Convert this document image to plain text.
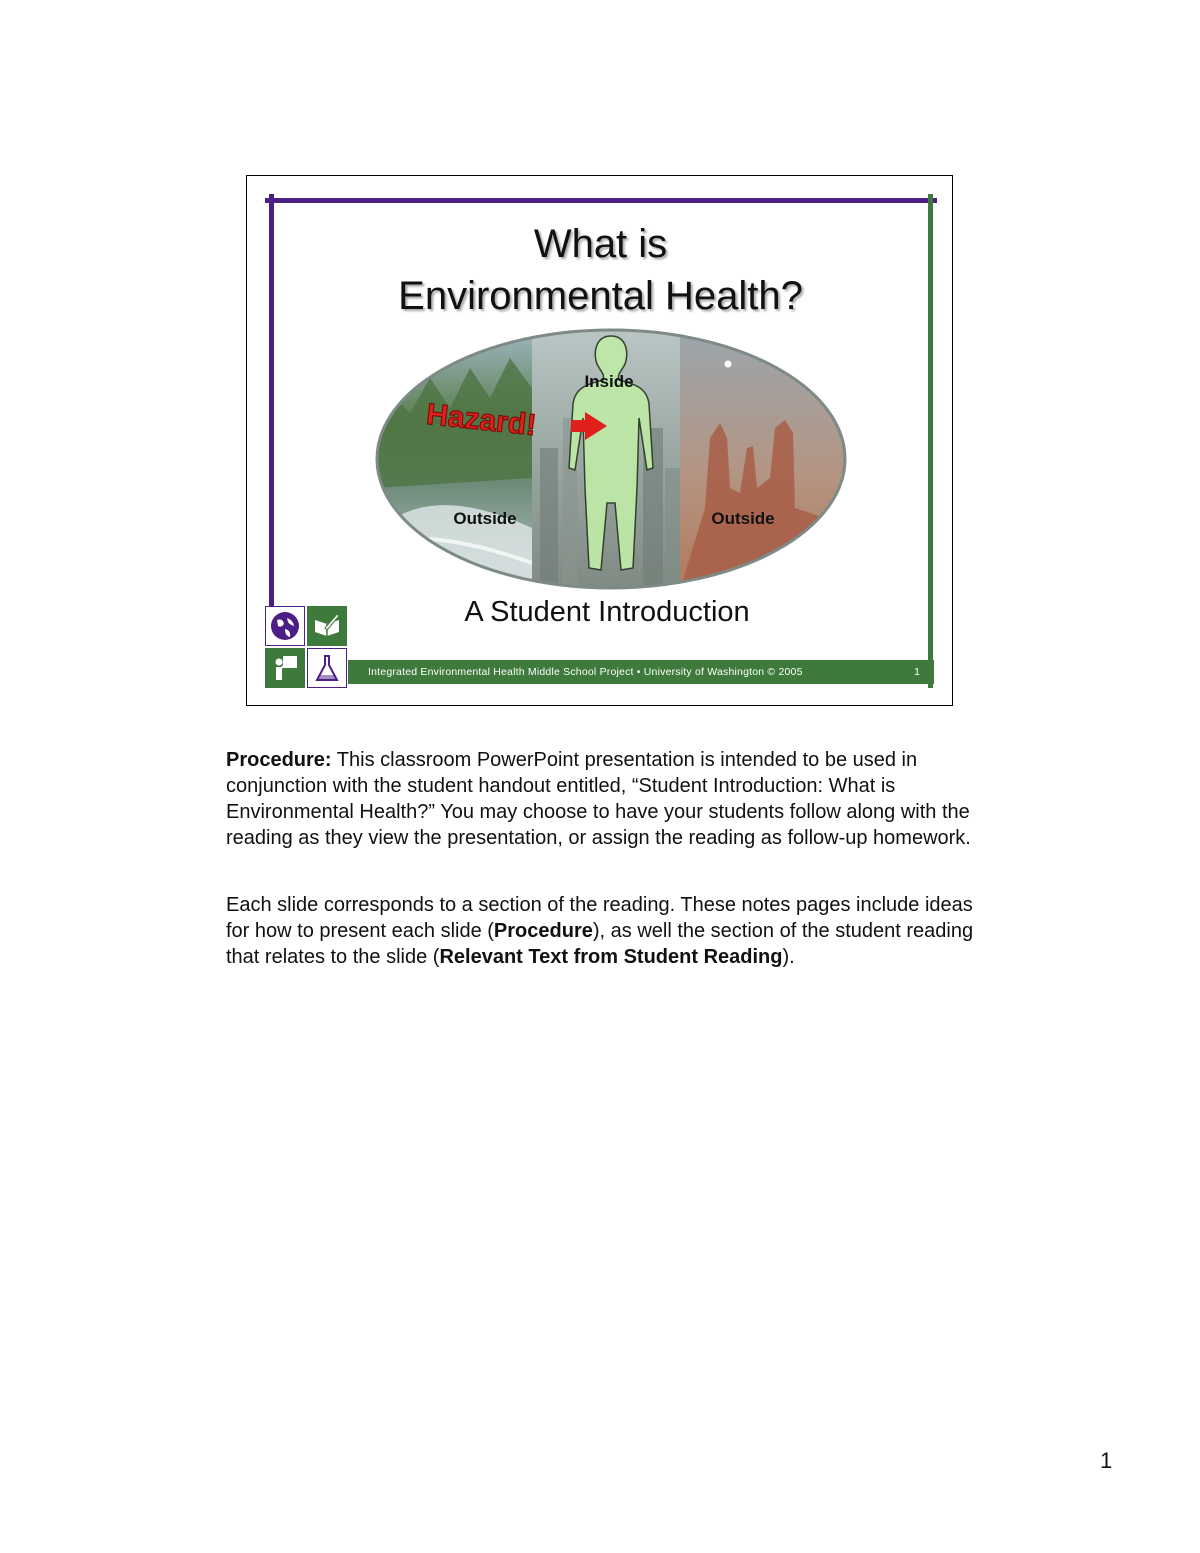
What is
Environmental Health?
Hazard!
Inside
Outside	Outside
A Student Introduction
Integrated Environmental Health Middle School Project • University of Washington © 2005	1

Procedure: This classroom PowerPoint presentation is intended to be used in conjunction with the student handout entitled, “Student Introduction: What is Environmental Health?” You may choose to have your students follow along with the reading as they view the presentation, or assign the reading as follow-up homework.

Each slide corresponds to a section of the reading. These notes pages include ideas for how to present each slide (Procedure), as well the section of the student reading that relates to the slide (Relevant Text from Student Reading).

1
